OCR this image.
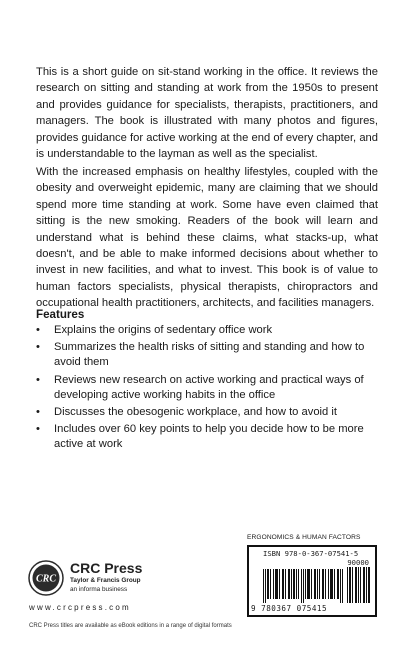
This is a short guide on sit-stand working in the office. It reviews the research on sitting and standing at work from the 1950s to present and provides guidance for specialists, therapists, practitioners, and managers. The book is illustrated with many photos and figures, provides guidance for active working at the end of every chapter, and is understandable to the layman as well as the specialist.

With the increased emphasis on healthy lifestyles, coupled with the obesity and overweight epidemic, many are claiming that we should spend more time standing at work. Some have even claimed that sitting is the new smoking. Readers of the book will learn and understand what is behind these claims, what stacks-up, what doesn't, and be able to make informed decisions about whether to invest in new facilities, and what to invest. This book is of value to human factors specialists, physical therapists, chiropractors and occupational health practitioners, architects, and facilities managers.

Features

• Explains the origins of sedentary office work
• Summarizes the health risks of sitting and standing and how to avoid them
• Reviews new research on active working and practical ways of developing active working habits in the office
• Discusses the obesogenic workplace, and how to avoid it
• Includes over 60 key points to help you decide how to be more active at work
ERGONOMICS & HUMAN FACTORS
ISBN 978-0-367-07541-5
90000
9 780367 075415
CRC
CRC Press
Taylor & Francis Group
an informa business
www.crcpress.com
CRC Press titles are available as eBook editions in a range of digital formats
